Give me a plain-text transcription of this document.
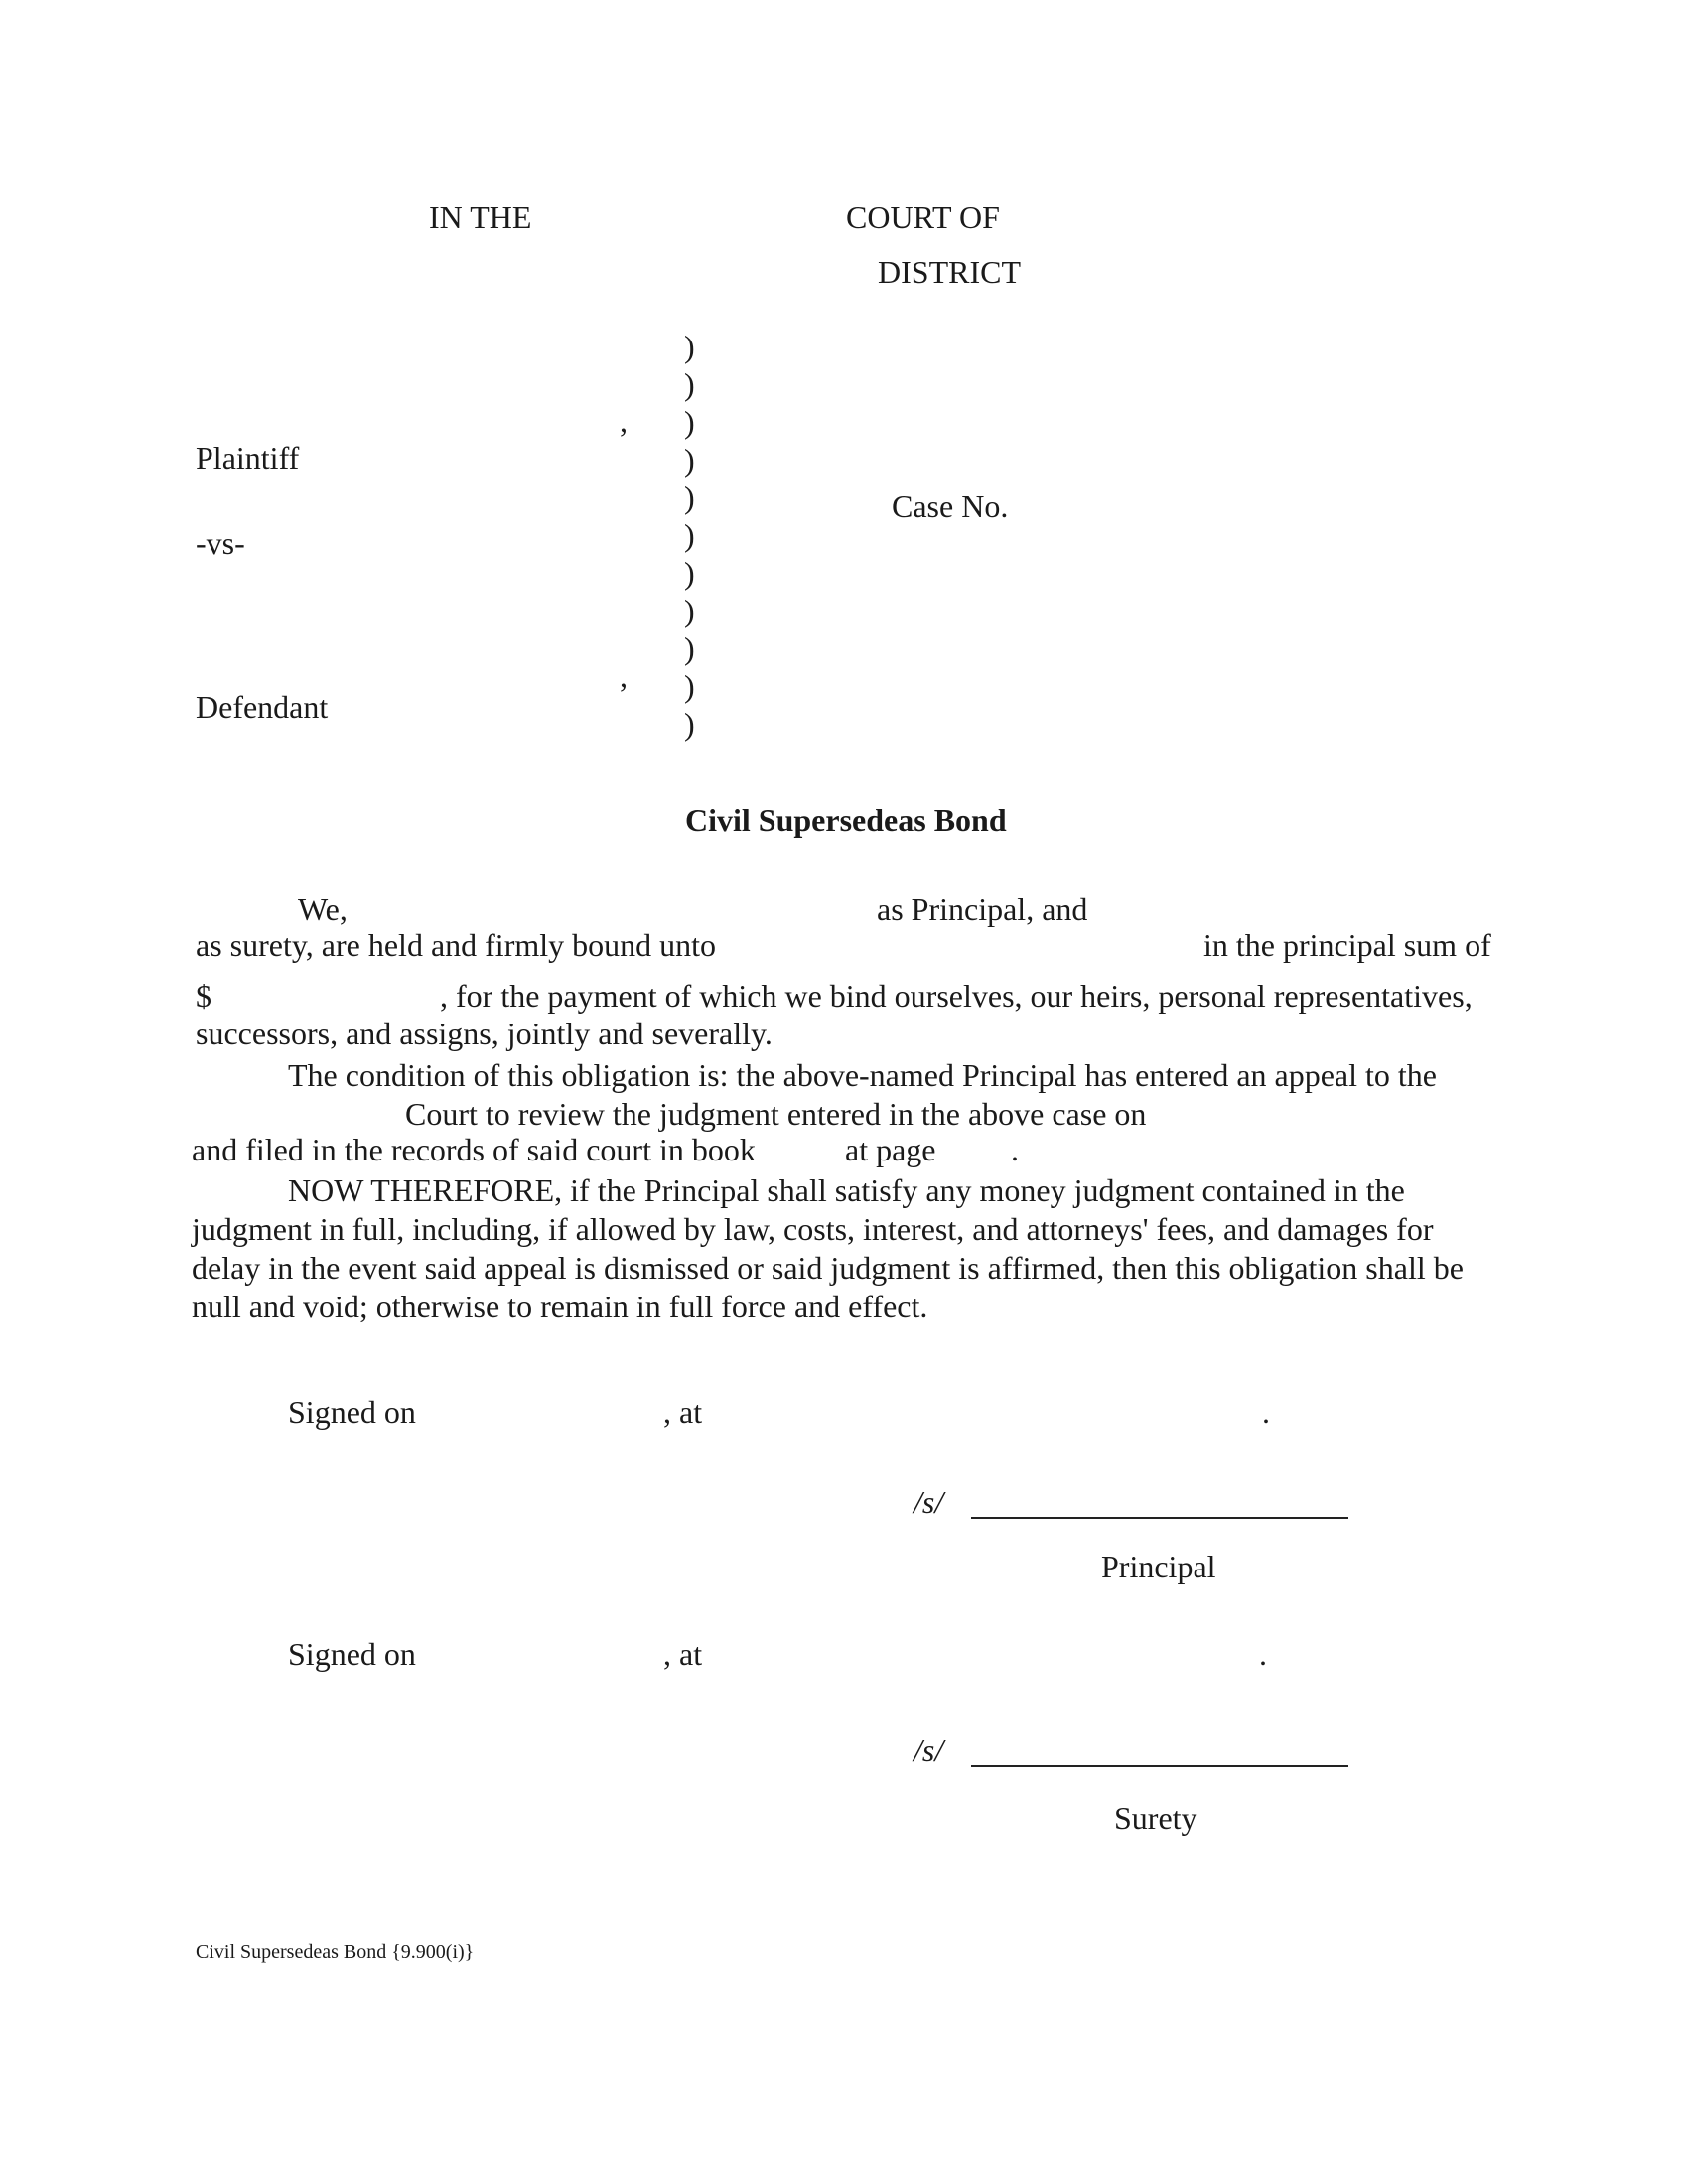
IN THE	COURT OF
DISTRICT
,
Plaintiff
-vs-
,
Defendant
Case No.
)
)
)
)
)
)
)
)
)
)
)
Civil Supersedeas Bond
We,	as Principal, and
as surety, are held and firmly bound unto	in the principal sum of
$	, for the payment of which we bind ourselves, our heirs, personal representatives,
successors, and assigns, jointly and severally.
The condition of this obligation is: the above-named Principal has entered an appeal to the
Court to review the judgment entered in the above case on
and filed in the records of said court in book	at page .
NOW THEREFORE, if the Principal shall satisfy any money judgment contained in the
judgment in full, including, if allowed by law, costs, interest, and attorneys' fees, and damages for
delay in the event said appeal is dismissed or said judgment is affirmed, then this obligation shall be
null and void; otherwise to remain in full force and effect.
Signed on	, at	.
/s/
Principal
Signed on	, at	.
/s/
Surety
Civil Supersedeas Bond {9.900(i)}
